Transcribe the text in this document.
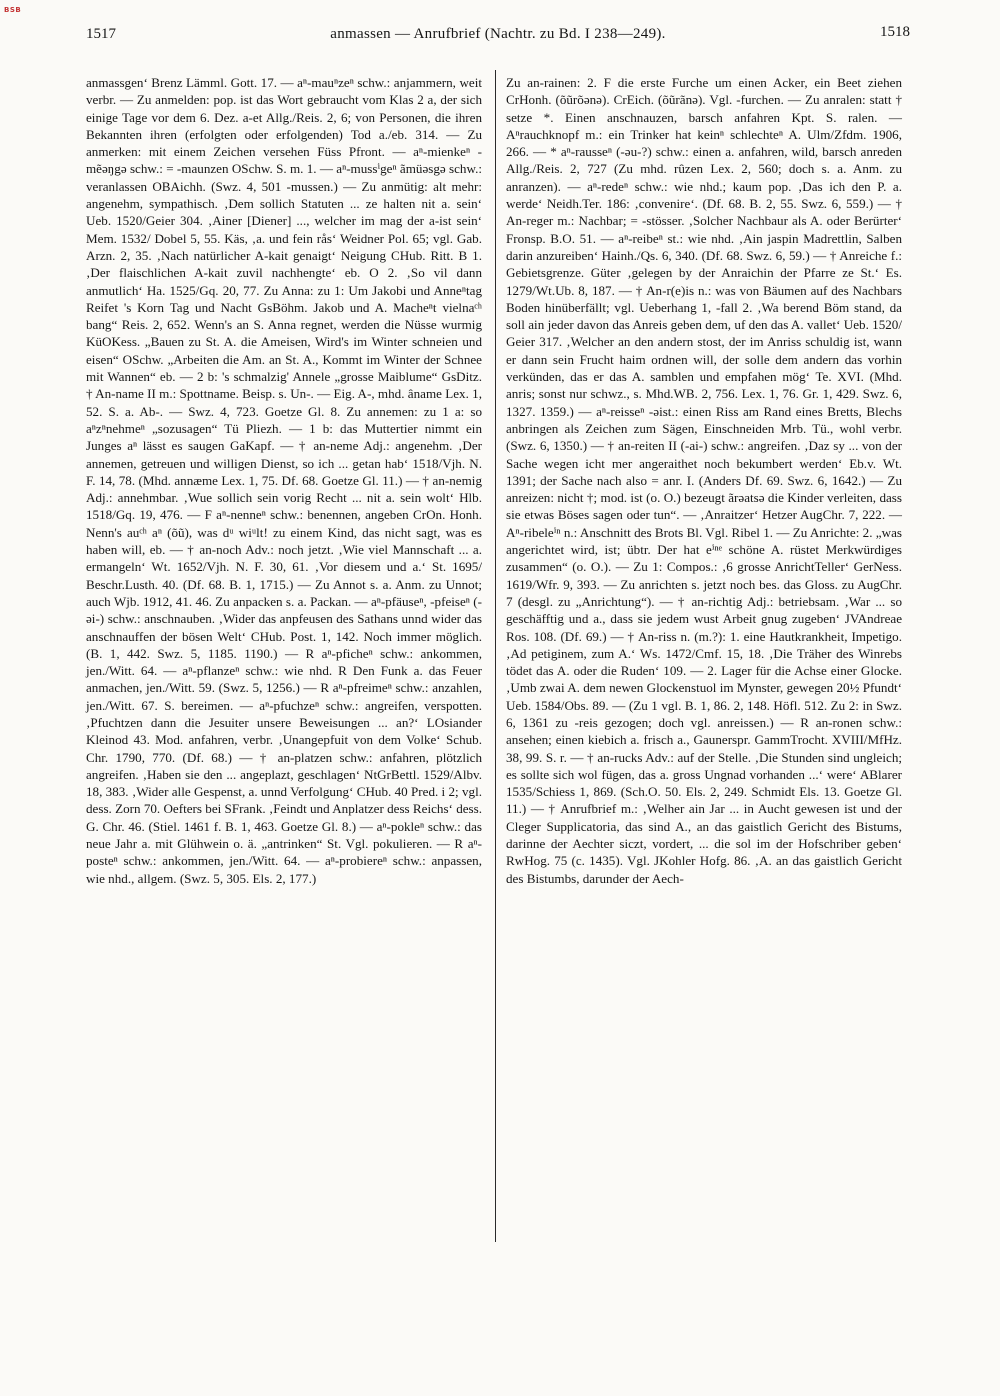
BSB
1517	anmassen — Anrufbrief (Nachtr. zu Bd. I 238—249).	1518

anmassgen‘ Brenz Lämml. Gott. 17. — aⁿ-mauⁿzeⁿ schw.: anjammern, weit verbr. — Zu anmelden: pop. ist das Wort gebraucht vom Klas 2 a, der sich einige Tage vor dem 6. Dez. a-et Allg./Reis. 2, 6; von Personen, die ihren Bekannten ihren (erfolgten oder erfolgenden) Tod a./eb. 314. — Zu anmerken: mit einem Zeichen versehen Füss Pfront. — aⁿ-mienkeⁿ -mẽəŋgə schw.: = -maunzen OSchw. S. m. 1. — aⁿ-mussⁱgeⁿ ãmüəsgə schw.: veranlassen OBAichh. (Swz. 4, 501 -mussen.) — Zu anmütig: alt mehr: angenehm, sympathisch. ‚Dem sollich Statuten ... ze halten nit a. sein‘ Ueb. 1520/Geier 304. ‚Ainer [Diener] ..., welcher im mag der a-ist sein‘ Mem. 1532/ Dobel 5, 55. Käs, ‚a. und fein rås‘ Weidner Pol. 65; vgl. Gab. Arzn. 2, 35. ‚Nach natürlicher A-kait genaigt‘ Neigung CHub. Ritt. B 1. ‚Der flaischlichen A-kait zuvil nachhengte‘ eb. O 2. ‚So vil dann anmutlich‘ Ha. 1525/Gq. 20, 77. Zu Anna: zu 1: Um Jakobi und Anneⁿtag Reifet 's Korn Tag und Nacht GsBöhm. Jakob und A. Macheⁿt vielnaᶜʰ bang“ Reis. 2, 652. Wenn's an S. Anna regnet, werden die Nüsse wurmig KüOKess. „Bauen zu St. A. die Ameisen, Wird's im Winter schneien und eisen“ OSchw. „Arbeiten die Am. an St. A., Kommt im Winter der Schnee mit Wannen“ eb. — 2 b: 's schmalzig' Annele „grosse Maiblume“ GsDitz. † An-name II m.: Spottname. Beisp. s. Un-. — Eig. A-, mhd. âname Lex. 1, 52. S. a. Ab-. — Swz. 4, 723. Goetze Gl. 8. Zu annemen: zu 1 a: so aⁿzⁿnehmeⁿ „sozusagen“ Tü Pliezh. — 1 b: das Muttertier nimmt ein Junges aⁿ lässt es saugen GaKapf. — † an-neme Adj.: angenehm. ‚Der annemen, getreuen und willigen Dienst, so ich ... getan hab‘ 1518/Vjh. N. F. 14, 78. (Mhd. annæme Lex. 1, 75. Df. 68. Goetze Gl. 11.) — † an-nemig Adj.: annehmbar. ‚Wue sollich sein vorig Recht ... nit a. sein wolt‘ Hlb. 1518/Gq. 19, 476. — F aⁿ-nenneⁿ schw.: benennen, angeben CrOn. Honh. Nenn's auᶜʰ aⁿ (õũ), was dᵘ wiᵘlt! zu einem Kind, das nicht sagt, was es haben will, eb. — † an-noch Adv.: noch jetzt. ‚Wie viel Mannschaft ... a. ermangeln‘ Wt. 1652/Vjh. N. F. 30, 61. ‚Vor diesem und a.‘ St. 1695/ Beschr.Lusth. 40. (Df. 68. B. 1, 1715.) — Zu Annot s. a. Anm. zu Unnot; auch Wjb. 1912, 41. 46. Zu anpacken s. a. Packan. — aⁿ-pfäuseⁿ, -pfeiseⁿ (-əi-) schw.: anschnauben. ‚Wider das anpfeusen des Sathans unnd wider das anschnauffen der bösen Welt‘ CHub. Post. 1, 142. Noch immer möglich. (B. 1, 442. Swz. 5, 1185. 1190.) — R aⁿ-pficheⁿ schw.: ankommen, jen./Witt. 64. — aⁿ-pflanzeⁿ schw.: wie nhd. R Den Funk a. das Feuer anmachen, jen./Witt. 59. (Swz. 5, 1256.) — R aⁿ-pfreimeⁿ schw.: anzahlen, jen./Witt. 67. S. bereimen. — aⁿ-pfuchzeⁿ schw.: angreifen, verspotten. ‚Pfuchtzen dann die Jesuiter unsere Beweisungen ... an?‘ LOsiander Kleinod 43. Mod. anfahren, verbr. ‚Unangepfuit von dem Volke‘ Schub. Chr. 1790, 770. (Df. 68.) — † an-platzen schw.: anfahren, plötzlich angreifen. ‚Haben sie den ... angeplazt, geschlagen‘ NtGrBettl. 1529/Albv. 18, 383. ‚Wider alle Gespenst, a. unnd Verfolgung‘ CHub. 40 Pred. i 2; vgl. dess. Zorn 70. Oefters bei SFrank. ‚Feindt und Anplatzer dess Reichs‘ dess. G. Chr. 46. (Stiel. 1461 f. B. 1, 463. Goetze Gl. 8.) — aⁿ-pokleⁿ schw.: das neue Jahr a. mit Glühwein o. ä. „antrinken“ St. Vgl. pokulieren. — R aⁿ-posteⁿ schw.: ankommen, jen./Witt. 64. — aⁿ-probiereⁿ schw.: anpassen, wie nhd., allgem. (Swz. 5, 305. Els. 2, 177.)

Zu an-rainen: 2. F die erste Furche um einen Acker, ein Beet ziehen CrHonh. (õũrõənə). CrEich. (õũrãnə). Vgl. -furchen. — Zu anralen: statt † setze *. Einen anschnauzen, barsch anfahren Kpt. S. ralen. — Aⁿrauchknopf m.: ein Trinker hat keinⁿ schlechteⁿ A. Ulm/Zfdm. 1906, 266. — * aⁿ-rausseⁿ (-əu-?) schw.: einen a. anfahren, wild, barsch anreden Allg./Reis. 2, 727 (Zu mhd. rûzen Lex. 2, 560; doch s. a. Anm. zu anranzen). — aⁿ-redeⁿ schw.: wie nhd.; kaum pop. ‚Das ich den P. a. werde‘ Neidh.Ter. 186: ‚convenire‘. (Df. 68. B. 2, 55. Swz. 6, 559.) — † An-reger m.: Nachbar; = -stösser. ‚Solcher Nachbaur als A. oder Berürter‘ Fronsp. B.O. 51. — aⁿ-reibeⁿ st.: wie nhd. ‚Ain jaspin Madrettlin, Salben darin anzureiben‘ Hainh./Qs. 6, 340. (Df. 68. Swz. 6, 59.) — † Anreiche f.: Gebietsgrenze. Güter ‚gelegen by der Anraichin der Pfarre ze St.‘ Es. 1279/Wt.Ub. 8, 187. — † An-r(e)is n.: was von Bäumen auf des Nachbars Boden hinüberfällt; vgl. Ueberhang 1, -fall 2. ‚Wa berend Böm stand, da soll ain jeder davon das Anreis geben dem, uf den das A. vallet‘ Ueb. 1520/ Geier 317. ‚Welcher an den andern stost, der im Anriss schuldig ist, wann er dann sein Frucht haim ordnen will, der solle dem andern das vorhin verkünden, das er das A. samblen und empfahen mög‘ Te. XVI. (Mhd. anris; sonst nur schwz., s. Mhd.WB. 2, 756. Lex. 1, 76. Gr. 1, 429. Swz. 6, 1327. 1359.) — aⁿ-reisseⁿ -əist.: einen Riss am Rand eines Bretts, Blechs anbringen als Zeichen zum Sägen, Einschneiden Mrb. Tü., wohl verbr. (Swz. 6, 1350.) — † an-reiten II (-ai-) schw.: angreifen. ‚Daz sy ... von der Sache wegen icht mer angeraithet noch bekumbert werden‘ Eb.v. Wt. 1391; der Sache nach also = anr. I. (Anders Df. 69. Swz. 6, 1642.) — Zu anreizen: nicht †; mod. ist (o. O.) bezeugt ãrəatsə die Kinder verleiten, dass sie etwas Böses sagen oder tun“. — ‚Anraitzer‘ Hetzer AugChr. 7, 222. — Aⁿ-ribeleⁱⁿ n.: Anschnitt des Brots Bl. Vgl. Ribel 1. — Zu Anrichte: 2. „was angerichtet wird, ist; übtr. Der hat eⁱⁿᵉ schöne A. rüstet Merkwürdiges zusammen“ (o. O.). — Zu 1: Compos.: ‚6 grosse AnrichtTeller‘ GerNess. 1619/Wfr. 9, 393. — Zu anrichten s. jetzt noch bes. das Gloss. zu AugChr. 7 (desgl. zu „Anrichtung“). — † an-richtig Adj.: betriebsam. ‚War ... so geschäfftig und a., dass sie jedem wust Arbeit gnug zugeben‘ JVAndreae Ros. 108. (Df. 69.) — † An-riss n. (m.?): 1. eine Hautkrankheit, Impetigo. ‚Ad petiginem, zum A.‘ Ws. 1472/Cmf. 15, 18. ‚Die Träher des Winrebs tödet das A. oder die Ruden‘ 109. — 2. Lager für die Achse einer Glocke. ‚Umb zwai A. dem newen Glockenstuol im Mynster, gewegen 20½ Pfundt‘ Ueb. 1584/Obs. 89. — (Zu 1 vgl. B. 1, 86. 2, 148. Höfl. 512. Zu 2: in Swz. 6, 1361 zu -reis gezogen; doch vgl. anreissen.) — R an-ronen schw.: ansehen; einen kiebich a. frisch a., Gaunerspr. GammTrocht. XVIII/MfHz. 38, 99. S. r. — † an-rucks Adv.: auf der Stelle. ‚Die Stunden sind ungleich; es sollte sich wol fügen, das a. gross Ungnad vorhanden ...‘ were‘ ABlarer 1535/Schiess 1, 869. (Sch.O. 50. Els. 2, 249. Schmidt Els. 13. Goetze Gl. 11.) — † Anrufbrief m.: ‚Welher ain Jar ... in Aucht gewesen ist und der Cleger Supplicatoria, das sind A., an das gaistlich Gericht des Bistums, darinne der Aechter siczt, vordert, ... die sol im der Hofschriber geben‘ RwHog. 75 (c. 1435). Vgl. JKohler Hofg. 86. ‚A. an das gaistlich Gericht des Bistumbs, darunder der Aech-
